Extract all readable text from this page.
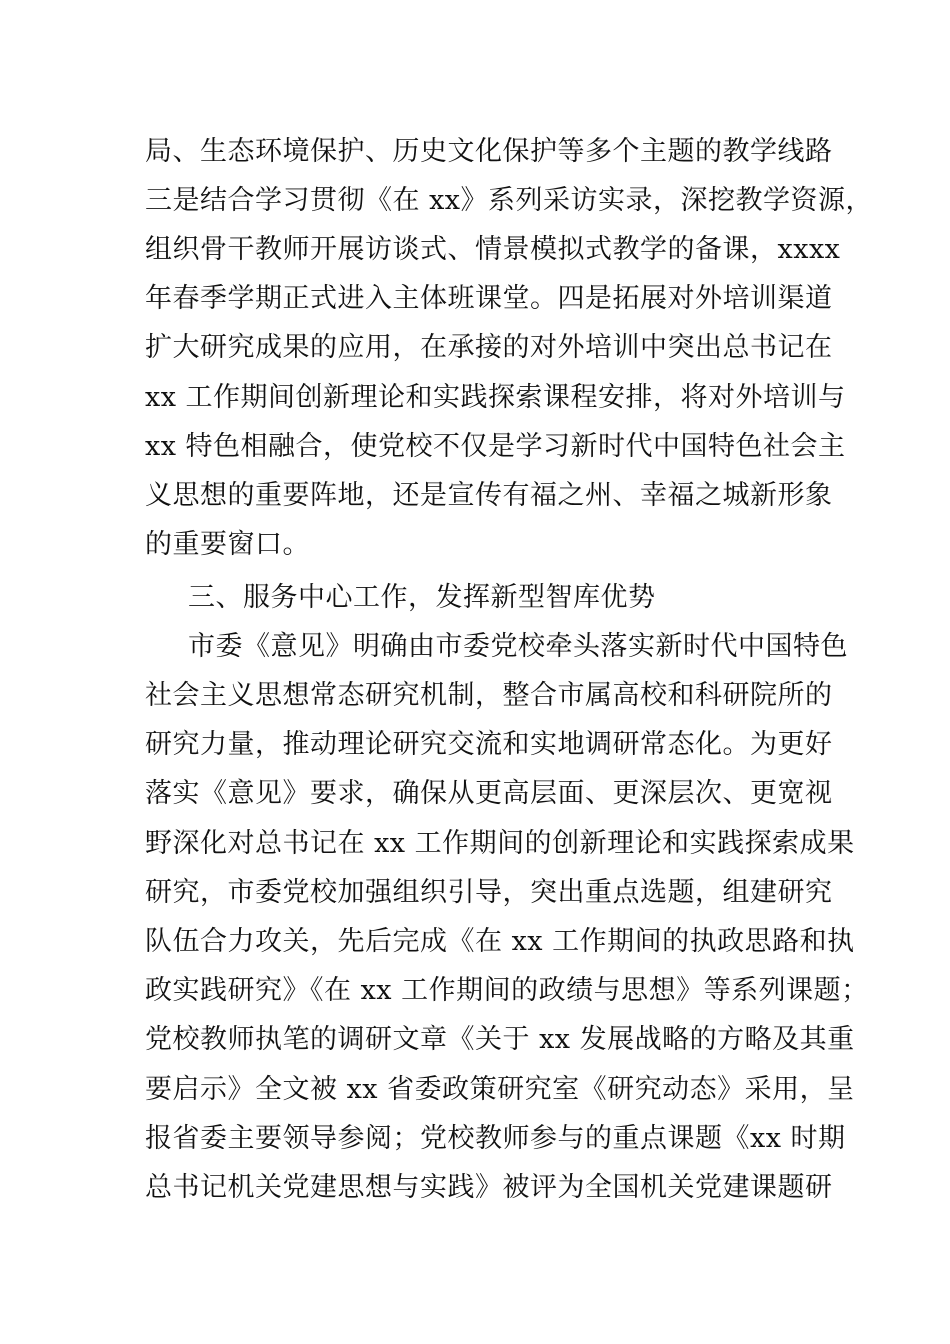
局、生态环境保护、历史文化保护等多个主题的教学线路
三是结合学习贯彻《在 xx》系列采访实录，深挖教学资源，
组织骨干教师开展访谈式、情景模拟式教学的备课，xxxx
年春季学期正式进入主体班课堂。四是拓展对外培训渠道
扩大研究成果的应用，在承接的对外培训中突出总书记在
xx 工作期间创新理论和实践探索课程安排，将对外培训与
xx 特色相融合，使党校不仅是学习新时代中国特色社会主
义思想的重要阵地，还是宣传有福之州、幸福之城新形象
的重要窗口。
三、服务中心工作，发挥新型智库优势
市委《意见》明确由市委党校牵头落实新时代中国特色
社会主义思想常态研究机制，整合市属高校和科研院所的
研究力量，推动理论研究交流和实地调研常态化。为更好
落实《意见》要求，确保从更高层面、更深层次、更宽视
野深化对总书记在 xx 工作期间的创新理论和实践探索成果
研究，市委党校加强组织引导，突出重点选题，组建研究
队伍合力攻关，先后完成《在 xx 工作期间的执政思路和执
政实践研究》《在 xx 工作期间的政绩与思想》等系列课题；
党校教师执笔的调研文章《关于 xx 发展战略的方略及其重
要启示》全文被 xx 省委政策研究室《研究动态》采用，呈
报省委主要领导参阅；党校教师参与的重点课题《xx 时期
总书记机关党建思想与实践》被评为全国机关党建课题研
